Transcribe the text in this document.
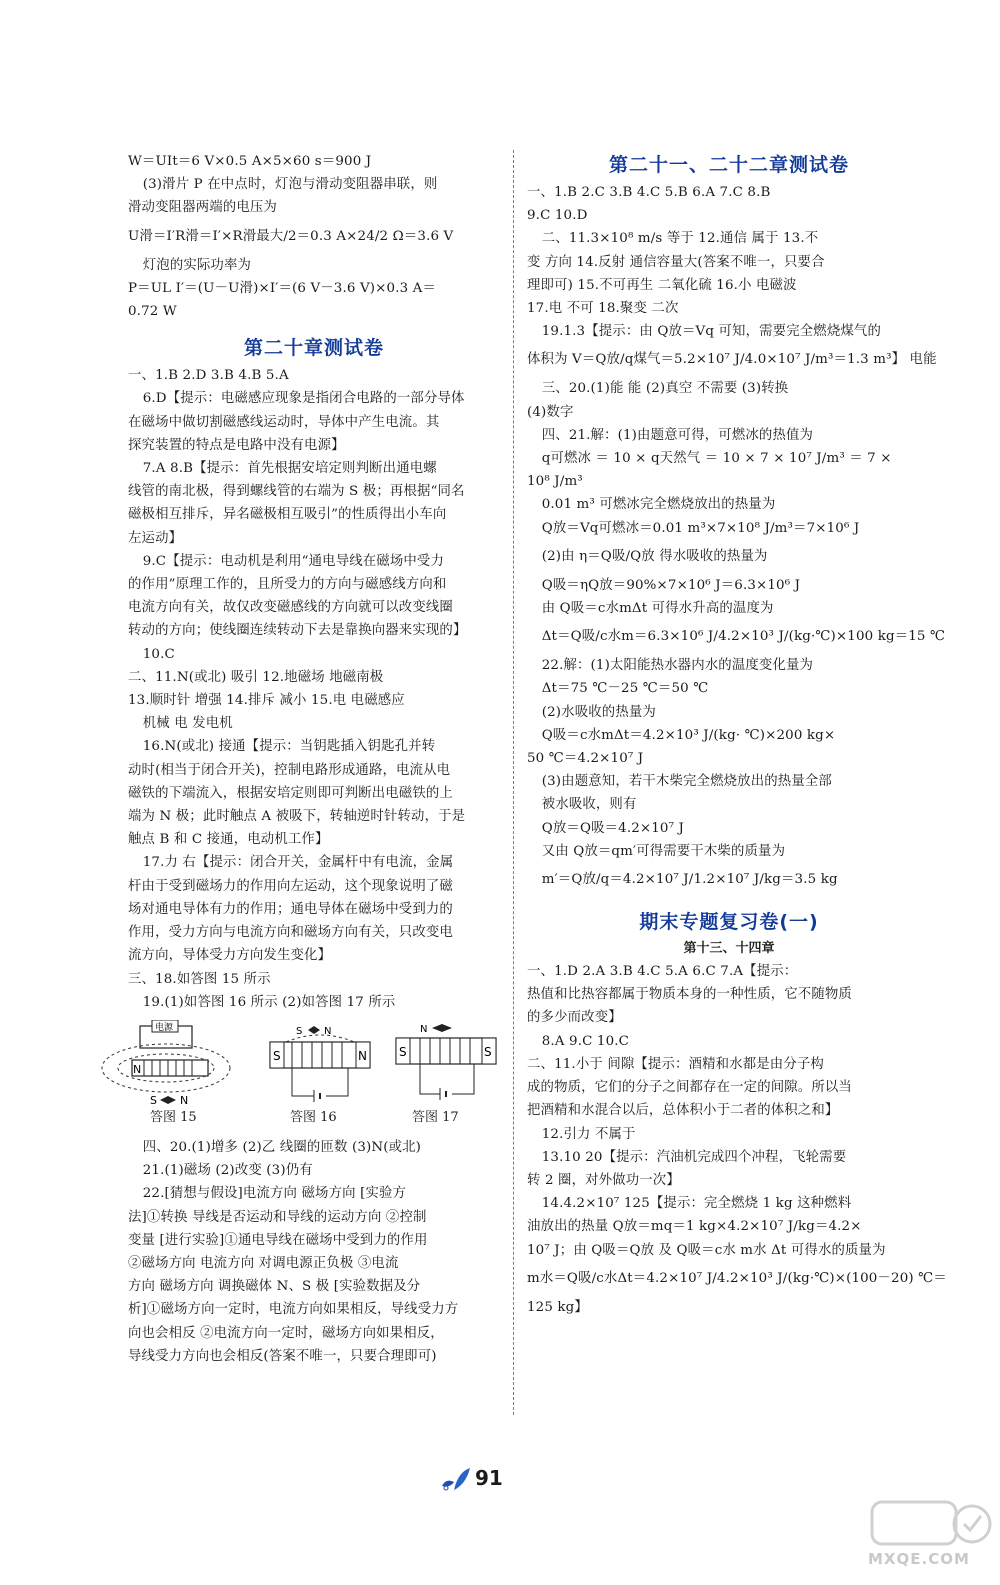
W＝UIt＝6 V×0.5 A×5×60 s＝900 J
(3)滑片 P 在中点时，灯泡与滑动变阻器串联，则
滑动变阻器两端的电压为
U滑＝I′R滑＝I′×R滑最大/2＝0.3 A×24/2 Ω＝3.6 V
灯泡的实际功率为
P＝UL I′＝(U－U滑)×I′＝(6 V－3.6 V)×0.3 A＝
0.72 W
第二十章测试卷
一、1.B 2.D 3.B 4.B 5.A
6.D【提示：电磁感应现象是指闭合电路的一部分导体
在磁场中做切割磁感线运动时，导体中产生电流。其
探究装置的特点是电路中没有电源】
7.A 8.B【提示：首先根据安培定则判断出通电螺
线管的南北极，得到螺线管的右端为 S 极；再根据“同名
磁极相互排斥，异名磁极相互吸引”的性质得出小车向
左运动】
9.C【提示：电动机是利用“通电导线在磁场中受力
的作用”原理工作的，且所受力的方向与磁感线方向和
电流方向有关，故仅改变磁感线的方向就可以改变线圈
转动的方向；使线圈连续转动下去是靠换向器来实现的】
10.C
二、11.N(或北) 吸引 12.地磁场 地磁南极
13.顺时针 增强 14.排斥 减小 15.电 电磁感应
机械 电 发电机
16.N(或北) 接通【提示：当钥匙插入钥匙孔并转
动时(相当于闭合开关)，控制电路形成通路，电流从电
磁铁的下端流入，根据安培定则即可判断出电磁铁的上
端为 N 极；此时触点 A 被吸下，转轴逆时针转动，于是
触点 B 和 C 接通，电动机工作】
17.力 右【提示：闭合开关，金属杆中有电流，金属
杆由于受到磁场力的作用向左运动，这个现象说明了磁
场对通电导体有力的作用；通电导体在磁场中受到力的
作用，受力方向与电流方向和磁场方向有关，只改变电
流方向，导体受力方向发生变化】
三、18.如答图 15 所示
19.(1)如答图 16 所示 (2)如答图 17 所示
电源
N
S N
答图 15
S N
S	N
答图 16
N
S	S
答图 17
四、20.(1)增多 (2)乙 线圈的匝数 (3)N(或北)
21.(1)磁场 (2)改变 (3)仍有
22.[猜想与假设]电流方向 磁场方向 [实验方
法]①转换 导线是否运动和导线的运动方向 ②控制
变量 [进行实验]①通电导线在磁场中受到力的作用
②磁场方向 电流方向 对调电源正负极 ③电流
方向 磁场方向 调换磁体 N、S 极 [实验数据及分
析]①磁场方向一定时，电流方向如果相反，导线受力方
向也会相反 ②电流方向一定时，磁场方向如果相反，
导线受力方向也会相反(答案不唯一，只要合理即可)
第二十一、二十二章测试卷
一、1.B 2.C 3.B 4.C 5.B 6.A 7.C 8.B
9.C 10.D
二、11.3×10⁸ m/s 等于 12.通信 属于 13.不
变 方向 14.反射 通信容量大(答案不唯一，只要合
理即可) 15.不可再生 二氧化硫 16.小 电磁波
17.电 不可 18.聚变 二次
19.1.3【提示：由 Q放＝Vq 可知，需要完全燃烧煤气的
体积为 V＝Q放/q煤气＝5.2×10⁷ J/4.0×10⁷ J/m³＝1.3 m³】 电能
三、20.(1)能 能 (2)真空 不需要 (3)转换
(4)数字
四、21.解：(1)由题意可得，可燃冰的热值为
q可燃冰 ＝ 10 × q天然气 ＝ 10 × 7 × 10⁷ J/m³ ＝ 7 ×
10⁸ J/m³
0.01 m³ 可燃冰完全燃烧放出的热量为
Q放＝Vq可燃冰＝0.01 m³×7×10⁸ J/m³＝7×10⁶ J
(2)由 η＝Q吸/Q放 得水吸收的热量为
Q吸＝ηQ放＝90%×7×10⁶ J＝6.3×10⁶ J
由 Q吸＝c水mΔt 可得水升高的温度为
Δt＝Q吸/c水m＝6.3×10⁶ J/4.2×10³ J/(kg·℃)×100 kg＝15 ℃
22.解：(1)太阳能热水器内水的温度变化量为
Δt＝75 ℃－25 ℃＝50 ℃
(2)水吸收的热量为
Q吸＝c水mΔt＝4.2×10³ J/(kg· ℃)×200 kg×
50 ℃＝4.2×10⁷ J
(3)由题意知，若干木柴完全燃烧放出的热量全部
被水吸收，则有
Q放＝Q吸＝4.2×10⁷ J
又由 Q放＝qm′可得需要干木柴的质量为
m′＝Q放/q＝4.2×10⁷ J/1.2×10⁷ J/kg＝3.5 kg
期末专题复习卷(一)
第十三、十四章
一、1.D 2.A 3.B 4.C 5.A 6.C 7.A【提示：
热值和比热容都属于物质本身的一种性质，它不随物质
的多少而改变】
8.A 9.C 10.C
二、11.小于 间隙【提示：酒精和水都是由分子构
成的物质，它们的分子之间都存在一定的间隙。所以当
把酒精和水混合以后，总体积小于二者的体积之和】
12.引力 不属于
13.10 20【提示：汽油机完成四个冲程，飞轮需要
转 2 圈，对外做功一次】
14.4.2×10⁷ 125【提示：完全燃烧 1 kg 这种燃料
油放出的热量 Q放＝mq＝1 kg×4.2×10⁷ J/kg＝4.2×
10⁷ J；由 Q吸＝Q放 及 Q吸＝c水 m水 Δt 可得水的质量为
m水＝Q吸/c水Δt＝4.2×10⁷ J/4.2×10³ J/(kg·℃)×(100－20) ℃＝
125 kg】
91
MXQE.COM
